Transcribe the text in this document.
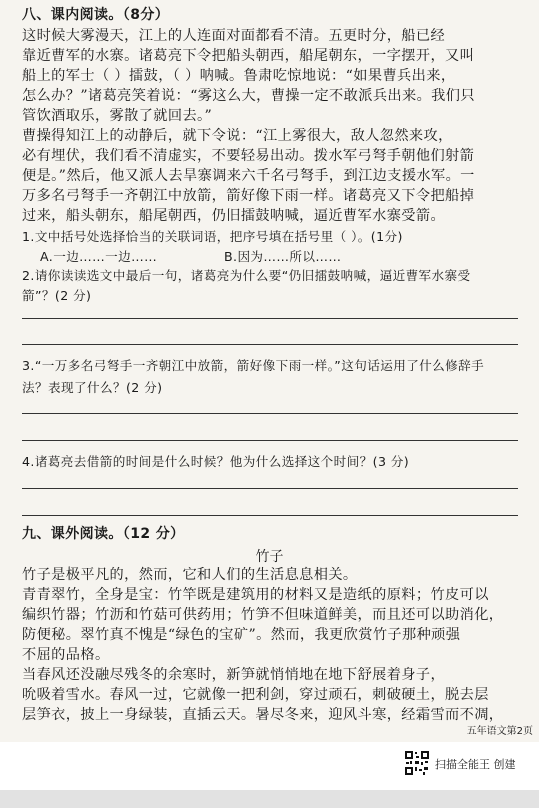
八、课内阅读。（8分）
这时候大雾漫天，江上的人连面对面都看不清。五更时分，船已经
靠近曹军的水寨。诸葛亮下令把船头朝西，船尾朝东，一字摆开，又叫
船上的军士（ ）擂鼓，（ ）呐喊。鲁肃吃惊地说：“如果曹兵出来，
怎么办？”诸葛亮笑着说：“雾这么大，曹操一定不敢派兵出来。我们只
管饮酒取乐，雾散了就回去。”
曹操得知江上的动静后，就下令说：“江上雾很大，敌人忽然来攻，
必有埋伏，我们看不清虚实，不要轻易出动。拨水军弓弩手朝他们射箭
便是。”然后，他又派人去旱寨调来六千名弓弩手，到江边支援水军。一
万多名弓弩手一齐朝江中放箭，箭好像下雨一样。诸葛亮又下令把船掉
过来，船头朝东，船尾朝西，仍旧擂鼓呐喊，逼近曹军水寨受箭。
1.文中括号处选择恰当的关联词语，把序号填在括号里（ ）。(1分)
A.一边……一边……	B.因为……所以……
2.请你读读选文中最后一句，诸葛亮为什么要“仍旧擂鼓呐喊，逼近曹军水寨受
箭”？(2 分)
3.“一万多名弓弩手一齐朝江中放箭，箭好像下雨一样。”这句话运用了什么修辞手
法？表现了什么？(2 分)
4.诸葛亮去借箭的时间是什么时候？他为什么选择这个时间？(3 分)
九、课外阅读。（12 分）
竹子
竹子是极平凡的，然而，它和人们的生活息息相关。
青青翠竹，全身是宝：竹竿既是建筑用的材料又是造纸的原料；竹皮可以
编织竹器；竹沥和竹菇可供药用；竹笋不但味道鲜美，而且还可以助消化，
防便秘。翠竹真不愧是“绿色的宝矿”。然而，我更欣赏竹子那种顽强
不屈的品格。
当春风还没融尽残冬的余寒时，新笋就悄悄地在地下舒展着身子，
吮吸着雪水。春风一过，它就像一把利剑，穿过顽石，刺破硬土，脱去层
层笋衣，披上一身绿装，直插云天。暑尽冬来，迎风斗寒，经霜雪而不凋，
五年语文第2页
扫描全能王 创建
